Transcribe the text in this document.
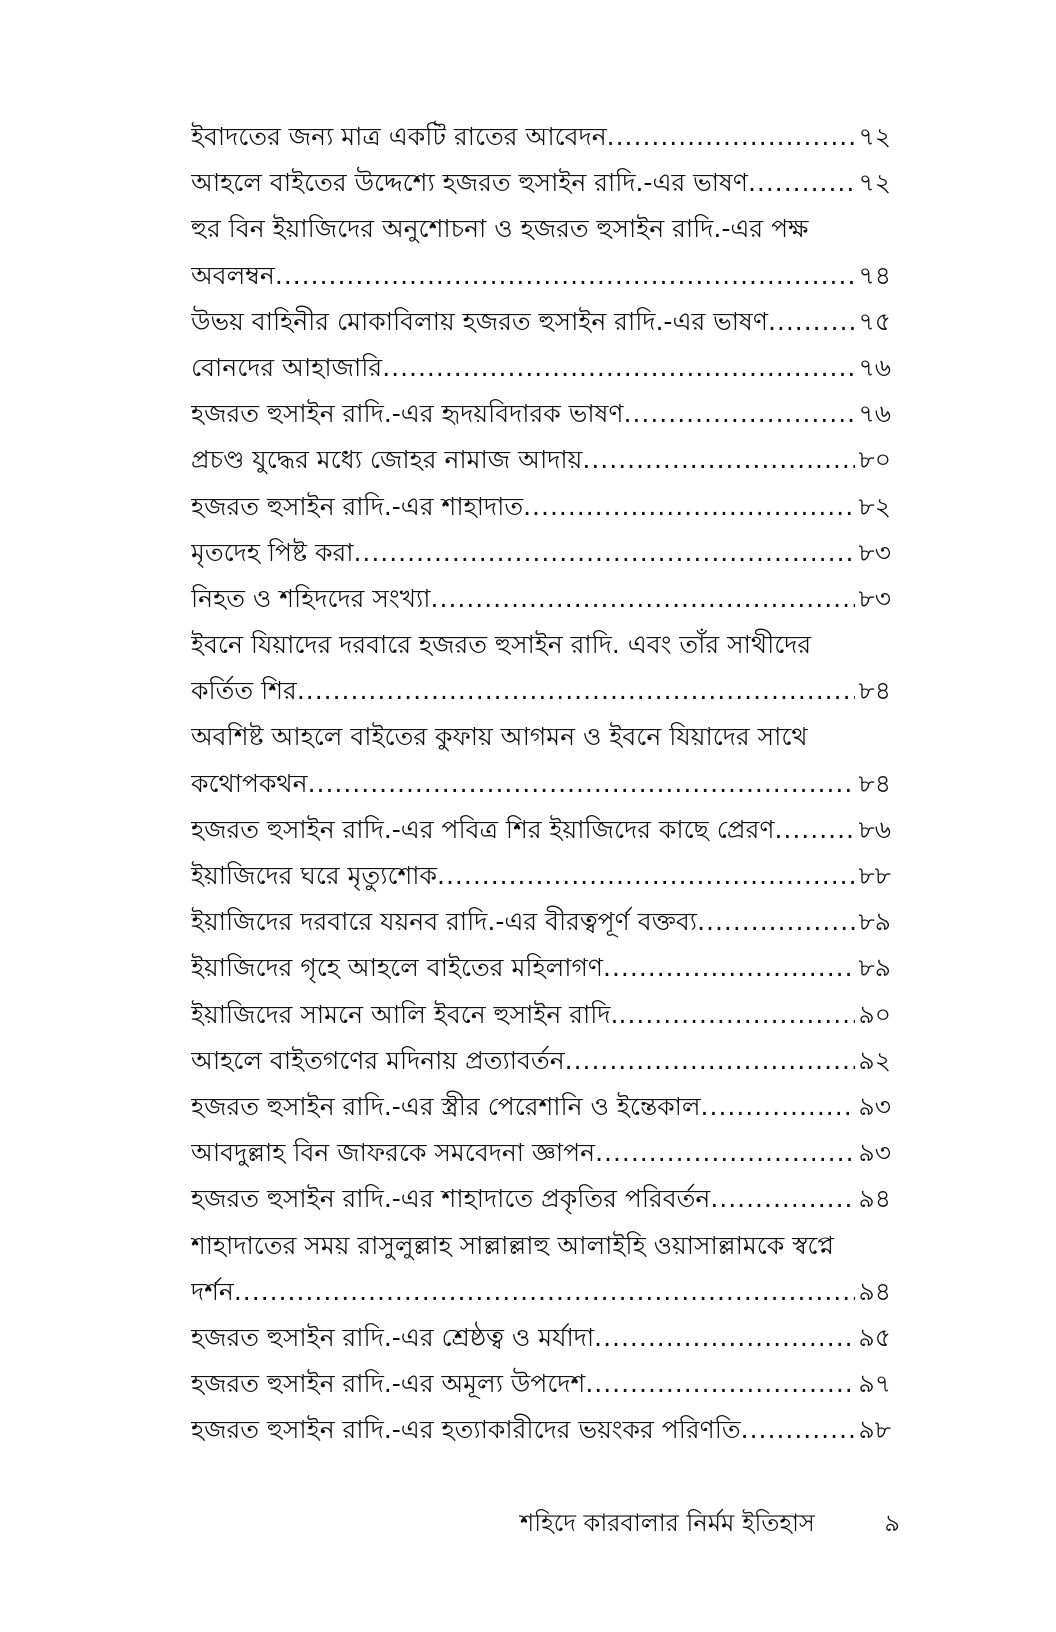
ইবাদতের জন্য মাত্র একটি রাতের আবেদন .....	৭২
আহলে বাইতের উদ্দেশ্যে হজরত হুসাইন রাদি.-এর ভাষণ .....	৭২
হুর বিন ইয়াজিদের অনুশোচনা ও হজরত হুসাইন রাদি.-এর পক্ষ
অবলম্বন .....	৭৪
উভয় বাহিনীর মোকাবিলায় হজরত হুসাইন রাদি.-এর ভাষণ .....	৭৫
বোনদের আহাজারি .....	৭৬
হজরত হুসাইন রাদি.-এর হৃদয়বিদারক ভাষণ .....	৭৬
প্রচণ্ড যুদ্ধের মধ্যে জোহর নামাজ আদায় .....	৮০
হজরত হুসাইন রাদি.-এর শাহাদাত .....	৮২
মৃতদেহ পিষ্ট করা .....	৮৩
নিহত ও শহিদদের সংখ্যা .....	৮৩
ইবনে যিয়াদের দরবারে হজরত হুসাইন রাদি. এবং তাঁর সাথীদের
কর্তিত শির .....	৮৪
অবশিষ্ট আহলে বাইতের কুফায় আগমন ও ইবনে যিয়াদের সাথে
কথোপকথন .....	৮৪
হজরত হুসাইন রাদি.-এর পবিত্র শির ইয়াজিদের কাছে প্রেরণ .....	৮৬
ইয়াজিদের ঘরে মৃত্যুশোক .....	৮৮
ইয়াজিদের দরবারে যয়নব রাদি.-এর বীরত্বপূর্ণ বক্তব্য .....	৮৯
ইয়াজিদের গৃহে আহলে বাইতের মহিলাগণ .....	৮৯
ইয়াজিদের সামনে আলি ইবনে হুসাইন রাদি. .....	৯০
আহলে বাইতগণের মদিনায় প্রত্যাবর্তন .....	৯২
হজরত হুসাইন রাদি.-এর স্ত্রীর পেরেশানি ও ইন্তেকাল .....	৯৩
আবদুল্লাহ বিন জাফরকে সমবেদনা জ্ঞাপন .....	৯৩
হজরত হুসাইন রাদি.-এর শাহাদাতে প্রকৃতির পরিবর্তন .....	৯৪
শাহাদাতের সময় রাসুলুল্লাহ সাল্লাল্লাহু আলাইহি ওয়াসাল্লামকে স্বপ্নে
দর্শন .....	৯৪
হজরত হুসাইন রাদি.-এর শ্রেষ্ঠত্ব ও মর্যাদা .....	৯৫
হজরত হুসাইন রাদি.-এর অমূল্য উপদেশ .....	৯৭
হজরত হুসাইন রাদি.-এর হত্যাকারীদের ভয়ংকর পরিণতি .....	৯৮
শহিদে কারবালার নির্মম ইতিহাস	৯
